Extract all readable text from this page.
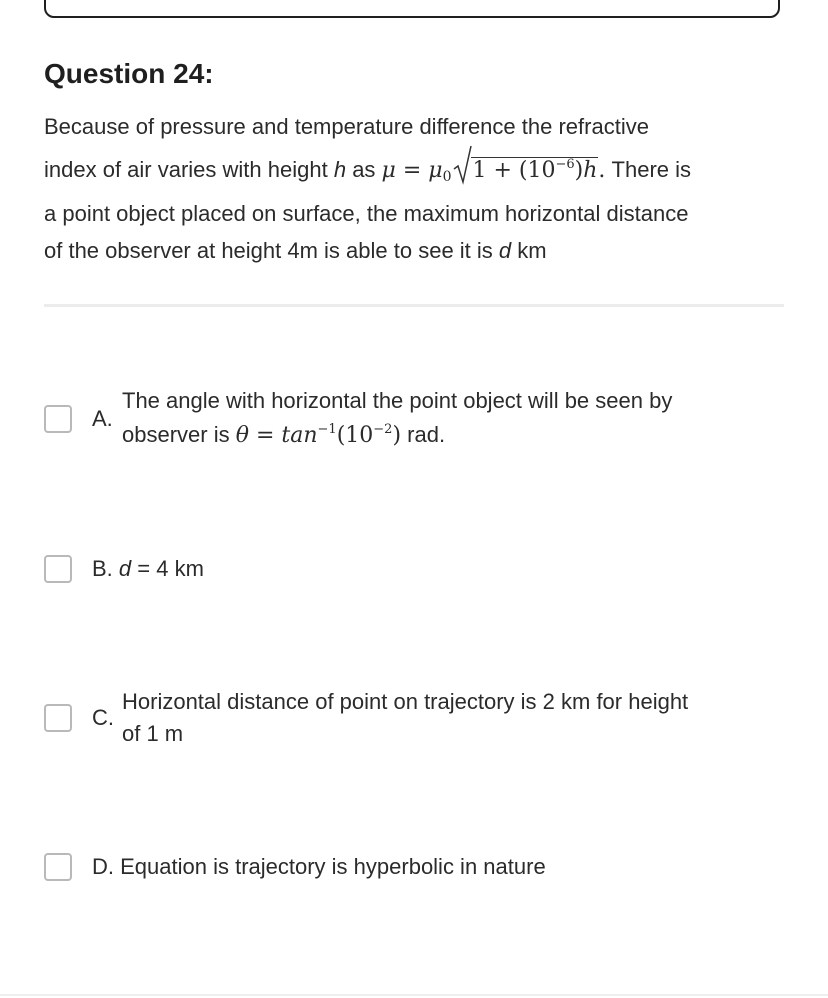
Question 24:
Because of pressure and temperature difference the refractive
index of air varies with height h as $\mu = \mu_0$ $1 + (10^{-6})h$. There is
a point object placed on surface, the maximum horizontal distance
of the observer at height 4m is able to see it is d km
A.
The angle with horizontal the point object will be seen by
observer is $\theta = \tan^{-1}(10^{-2})$ rad.
B. d = 4 km
C.
Horizontal distance of point on trajectory is 2 km for height
of 1 m
D. Equation is trajectory is hyperbolic in nature
